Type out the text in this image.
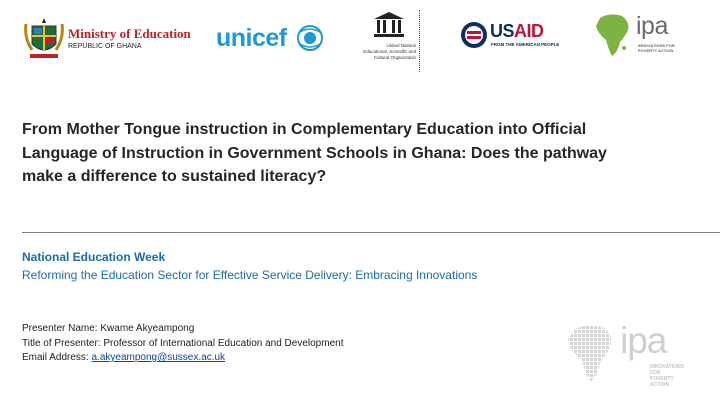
Ministry of Education
REPUBLIC OF GHANA	unicef	United Nations
Educational, Scientific and
Cultural Organization
USAID
FROM THE AMERICAN PEOPLE
ipa
INNOVATIONS FOR
POVERTY ACTION
From Mother Tongue instruction in Complementary Education into Official Language of Instruction in Government Schools in Ghana: Does the pathway make a difference to sustained literacy?
National Education Week
Reforming the Education Sector for Effective Service Delivery: Embracing Innovations
Presenter Name: Kwame Akyeampong
Title of Presenter: Professor of International Education and Development
Email Address: a.akyeampong@sussex.ac.uk	ipa
INNOVATIONS FOR
POVERTY ACTION
